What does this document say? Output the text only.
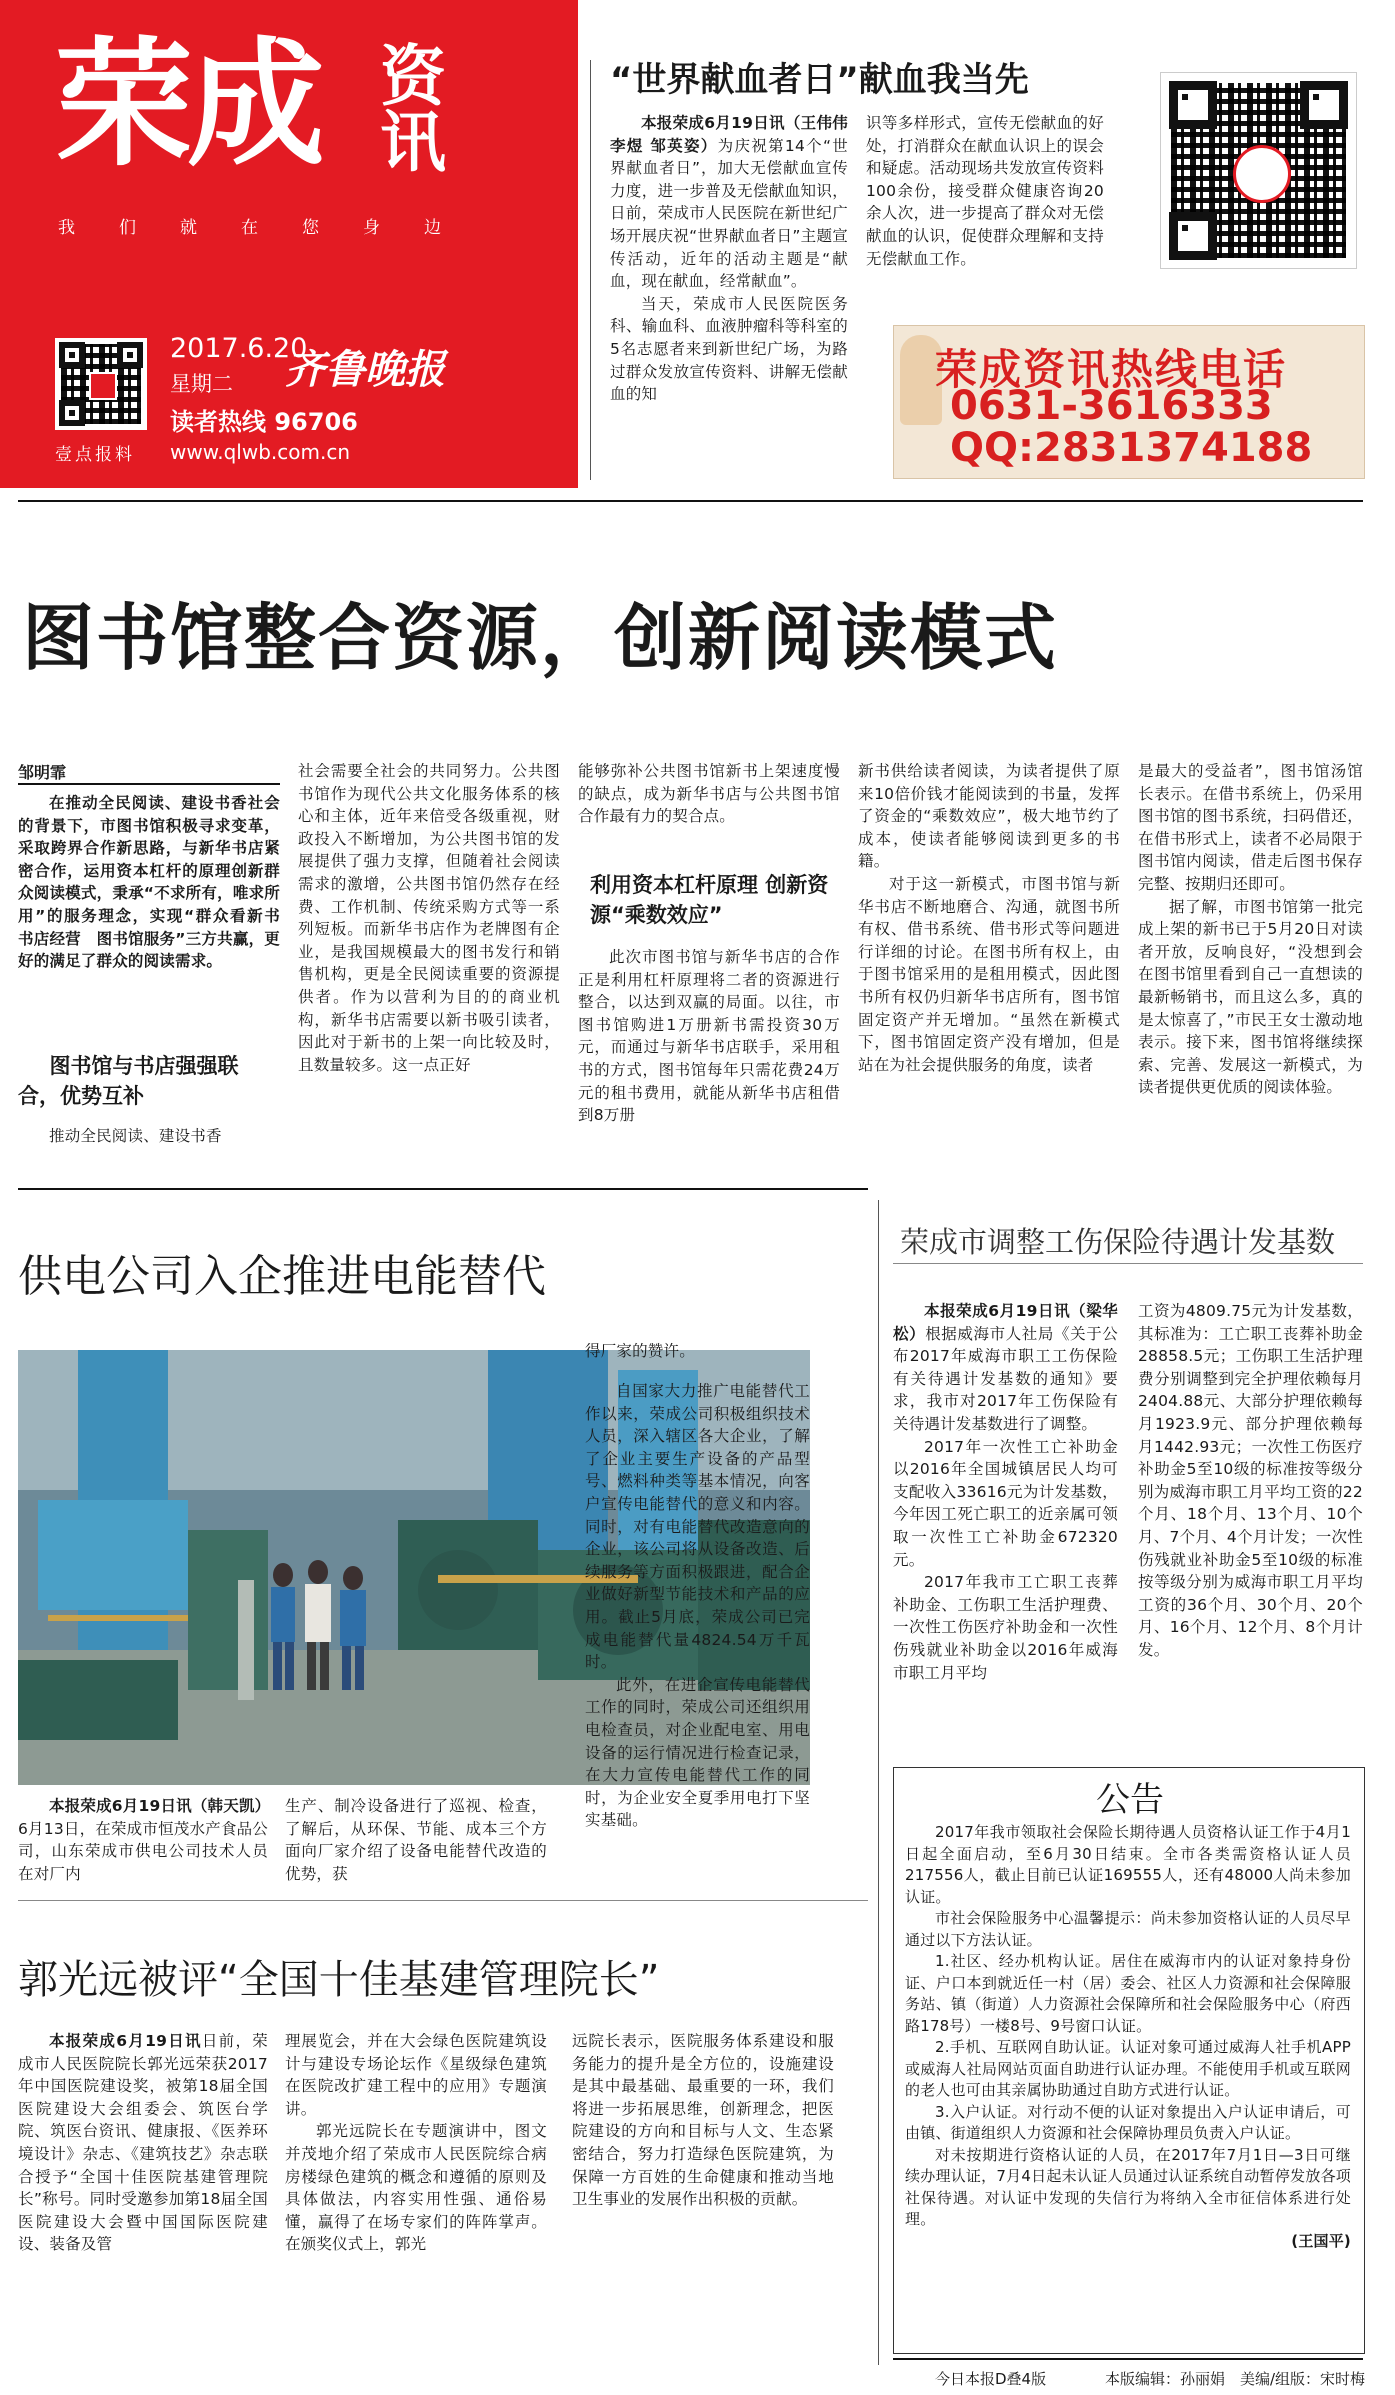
荣成 资讯
我们就在您身边
2017.6.20
星期二 齐鲁晚报
读者热线 96706
壹点报料 www.qlwb.com.cn
“世界献血者日”献血我当先

本报荣成6月19日讯（王伟伟 李煜 邹英姿）为庆祝第14个“世界献血者日”，加大无偿献血宣传力度，进一步普及无偿献血知识，日前，荣成市人民医院在新世纪广场开展庆祝“世界献血者日”主题宣传活动，近年的活动主题是“献血，现在献血，经常献血”。

当天，荣成市人民医院医务科、输血科、血液肿瘤科等科室的5名志愿者来到新世纪广场，为路过群众发放宣传资料、讲解无偿献血的知

识等多样形式，宣传无偿献血的好处，打消群众在献血认识上的误会和疑虑。活动现场共发放宣传资料100余份，接受群众健康咨询20余人次，进一步提高了群众对无偿献血的认识，促使群众理解和支持无偿献血工作。

荣成资讯热线电话
0631-3616333
QQ:2831374188
图书馆整合资源，创新阅读模式
邹明霏

在推动全民阅读、建设书香社会的背景下，市图书馆积极寻求变革，采取跨界合作新思路，与新华书店紧密合作，运用资本杠杆的原理创新群众阅读模式，秉承“不求所有，唯求所用”的服务理念，实现“群众看新书　书店经营　图书馆服务”三方共赢，更好的满足了群众的阅读需求。

图书馆与书店强强联合，优势互补

推动全民阅读、建设书香

社会需要全社会的共同努力。公共图书馆作为现代公共文化服务体系的核心和主体，近年来倍受各级重视，财政投入不断增加，为公共图书馆的发展提供了强力支撑，但随着社会阅读需求的激增，公共图书馆仍然存在经费、工作机制、传统采购方式等一系列短板。而新华书店作为老牌图有企业，是我国规模最大的图书发行和销售机构，更是全民阅读重要的资源提供者。作为以营利为目的的商业机构，新华书店需要以新书吸引读者，因此对于新书的上架一向比较及时，且数量较多。这一点正好

能够弥补公共图书馆新书上架速度慢的缺点，成为新华书店与公共图书馆合作最有力的契合点。

利用资本杠杆原理 创新资源“乘数效应”

此次市图书馆与新华书店的合作正是利用杠杆原理将二者的资源进行整合，以达到双赢的局面。以往，市图书馆购进1万册新书需投资30万元，而通过与新华书店联手，采用租书的方式，图书馆每年只需花费24万元的租书费用，就能从新华书店租借到8万册

新书供给读者阅读，为读者提供了原来10倍价钱才能阅读到的书量，发挥了资金的“乘数效应”，极大地节约了成本，使读者能够阅读到更多的书籍。

对于这一新模式，市图书馆与新华书店不断地磨合、沟通，就图书所有权、借书系统、借书形式等问题进行详细的讨论。在图书所有权上，由于图书馆采用的是租用模式，因此图书所有权仍归新华书店所有，图书馆固定资产并无增加。“虽然在新模式下，图书馆固定资产没有增加，但是站在为社会提供服务的角度，读者

是最大的受益者”，图书馆汤馆长表示。在借书系统上，仍采用图书馆的图书系统，扫码借还，在借书形式上，读者不必局限于图书馆内阅读，借走后图书保存完整、按期归还即可。

据了解，市图书馆第一批完成上架的新书已于5月20日对读者开放，反响良好，“没想到会在图书馆里看到自己一直想读的最新畅销书，而且这么多，真的是太惊喜了，”市民王女士激动地表示。接下来，图书馆将继续探索、完善、发展这一新模式，为读者提供更优质的阅读体验。

供电公司入企推进电能替代

本报荣成6月19日讯（韩天凯）6月13日，在荣成市恒茂水产食品公司，山东荣成市供电公司技术人员在对厂内

生产、制冷设备进行了巡视、检查，了解后，从环保、节能、成本三个方面向厂家介绍了设备电能替代改造的优势，获

得厂家的赞许。

自国家大力推广电能替代工作以来，荣成公司积极组织技术人员，深入辖区各大企业，了解了企业主要生产设备的产品型号、燃料种类等基本情况，向客户宣传电能替代的意义和内容。同时，对有电能替代改造意向的企业，该公司将从设备改造、后续服务等方面积极跟进，配合企业做好新型节能技术和产品的应用。截止5月底，荣成公司已完成电能替代量4824.54万千瓦时。

此外，在进企宣传电能替代工作的同时，荣成公司还组织用电检查员，对企业配电室、用电设备的运行情况进行检查记录，在大力宣传电能替代工作的同时，为企业安全夏季用电打下坚实基础。

荣成市调整工伤保险待遇计发基数

本报荣成6月19日讯（梁华松）根据威海市人社局《关于公布2017年威海市职工工伤保险有关待遇计发基数的通知》要求，我市对2017年工伤保险有关待遇计发基数进行了调整。

2017年一次性工亡补助金以2016年全国城镇居民人均可支配收入33616元为计发基数，今年因工死亡职工的近亲属可领取一次性工亡补助金672320元。

2017年我市工亡职工丧葬补助金、工伤职工生活护理费、一次性工伤医疗补助金和一次性伤残就业补助金以2016年威海市职工月平均

工资为4809.75元为计发基数，其标准为：工亡职工丧葬补助金28858.5元；工伤职工生活护理费分别调整到完全护理依赖每月2404.88元、大部分护理依赖每月1923.9元、部分护理依赖每月1442.93元；一次性工伤医疗补助金5至10级的标准按等级分别为威海市职工月平均工资的22个月、18个月、13个月、10个月、7个月、4个月计发；一次性伤残就业补助金5至10级的标准按等级分别为威海市职工月平均工资的36个月、30个月、20个月、16个月、12个月、8个月计发。

郭光远被评“全国十佳基建管理院长”

本报荣成6月19日讯日前，荣成市人民医院院长郭光远荣获2017年中国医院建设奖，被第18届全国医院建设大会组委会、筑医台学院、筑医台资讯、健康报、《医养环境设计》杂志、《建筑技艺》杂志联合授予“全国十佳医院基建管理院长”称号。同时受邀参加第18届全国医院建设大会暨中国国际医院建设、装备及管

理展览会，并在大会绿色医院建筑设计与建设专场论坛作《星级绿色建筑在医院改扩建工程中的应用》专题演讲。

郭光远院长在专题演讲中，图文并茂地介绍了荣成市人民医院综合病房楼绿色建筑的概念和遵循的原则及具体做法，内容实用性强、通俗易懂，赢得了在场专家们的阵阵掌声。在颁奖仪式上，郭光

远院长表示，医院服务体系建设和服务能力的提升是全方位的，设施建设是其中最基础、最重要的一环，我们将进一步拓展思维，创新理念，把医院建设的方向和目标与人文、生态紧密结合，努力打造绿色医院建筑，为保障一方百姓的生命健康和推动当地卫生事业的发展作出积极的贡献。

公告

2017年我市领取社会保险长期待遇人员资格认证工作于4月1日起全面启动，至6月30日结束。全市各类需资格认证人员217556人，截止目前已认证169555人，还有48000人尚未参加认证。

市社会保险服务中心温馨提示：尚未参加资格认证的人员尽早通过以下方法认证。

1.社区、经办机构认证。居住在威海市内的认证对象持身份证、户口本到就近任一村（居）委会、社区人力资源和社会保障服务站、镇（街道）人力资源社会保障所和社会保险服务中心（府西路178号）一楼8号、9号窗口认证。

2.手机、互联网自助认证。认证对象可通过威海人社手机APP或威海人社局网站页面自助进行认证办理。不能使用手机或互联网的老人也可由其亲属协助通过自助方式进行认证。

3.入户认证。对行动不便的认证对象提出入户认证申请后，可由镇、街道组织人力资源和社会保障协理员负责入户认证。

对未按期进行资格认证的人员，在2017年7月1日—3日可继续办理认证，7月4日起未认证人员通过认证系统自动暂停发放各项社保待遇。对认证中发现的失信行为将纳入全市征信体系进行处理。

(王国平)

今日本报D叠4版	本版编辑：孙丽娟 美编/组版：宋时梅
